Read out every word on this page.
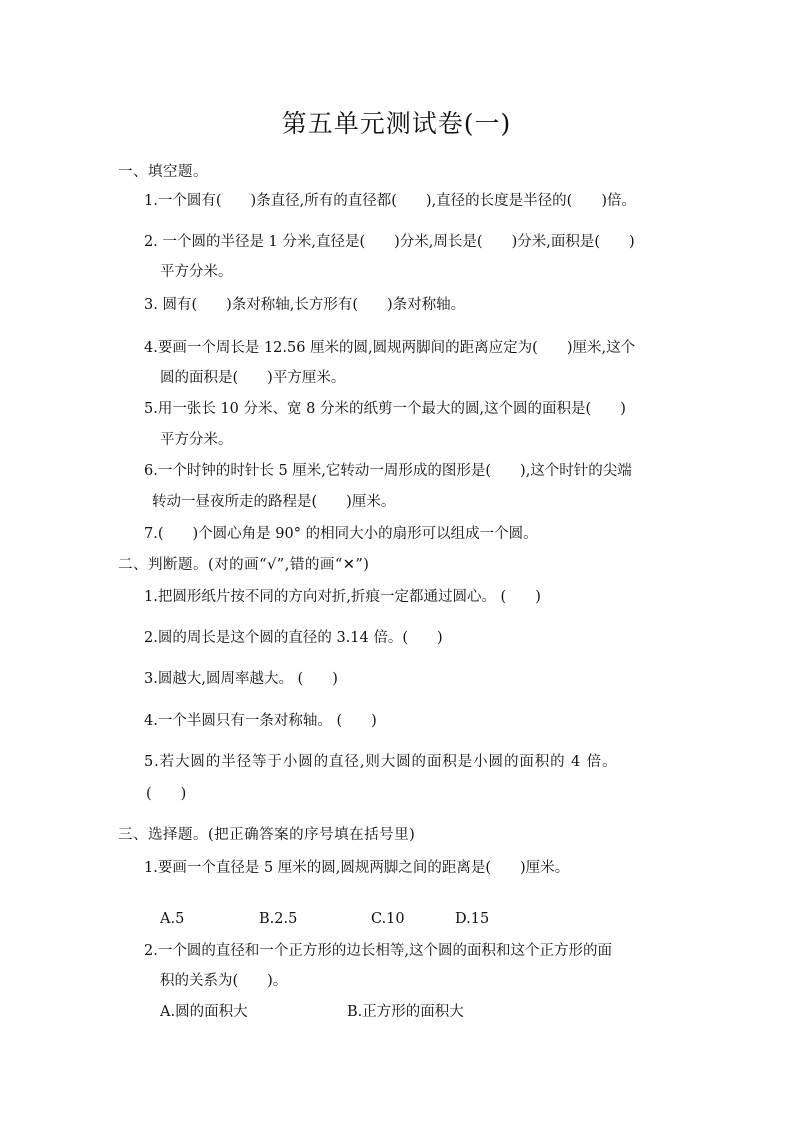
第五单元测试卷(一)
一、填空题。
1.一个圆有(　　)条直径,所有的直径都(　　),直径的长度是半径的(　　)倍。
2. 一个圆的半径是 1 分米,直径是(　　)分米,周长是(　　)分米,面积是(　　)
平方分米。
3. 圆有(　　)条对称轴,长方形有(　　)条对称轴。
4.要画一个周长是 12.56 厘米的圆,圆规两脚间的距离应定为(　　)厘米,这个
圆的面积是(　　)平方厘米。
5.用一张长 10 分米、宽 8 分米的纸剪一个最大的圆,这个圆的面积是(　　)
平方分米。
6.一个时钟的时针长 5 厘米,它转动一周形成的图形是(　　),这个时针的尖端
转动一昼夜所走的路程是(　　)厘米。
7.(　　)个圆心角是 90° 的相同大小的扇形可以组成一个圆。
二、判断题。(对的画“√”,错的画“✕”)
1.把圆形纸片按不同的方向对折,折痕一定都通过圆心。 (　　)
2.圆的周长是这个圆的直径的 3.14 倍。(　　)
3.圆越大,圆周率越大。 (　　)
4.一个半圆只有一条对称轴。 (　　)
5.若大圆的半径等于小圆的直径,则大圆的面积是小圆的面积的 4 倍。
(　　)
三、选择题。(把正确答案的序号填在括号里)
1.要画一个直径是 5 厘米的圆,圆规两脚之间的距离是(　　)厘米。
A.5	B.2.5	C.10	D.15
2.一个圆的直径和一个正方形的边长相等,这个圆的面积和这个正方形的面
积的关系为(　　)。
A.圆的面积大	B.正方形的面积大
